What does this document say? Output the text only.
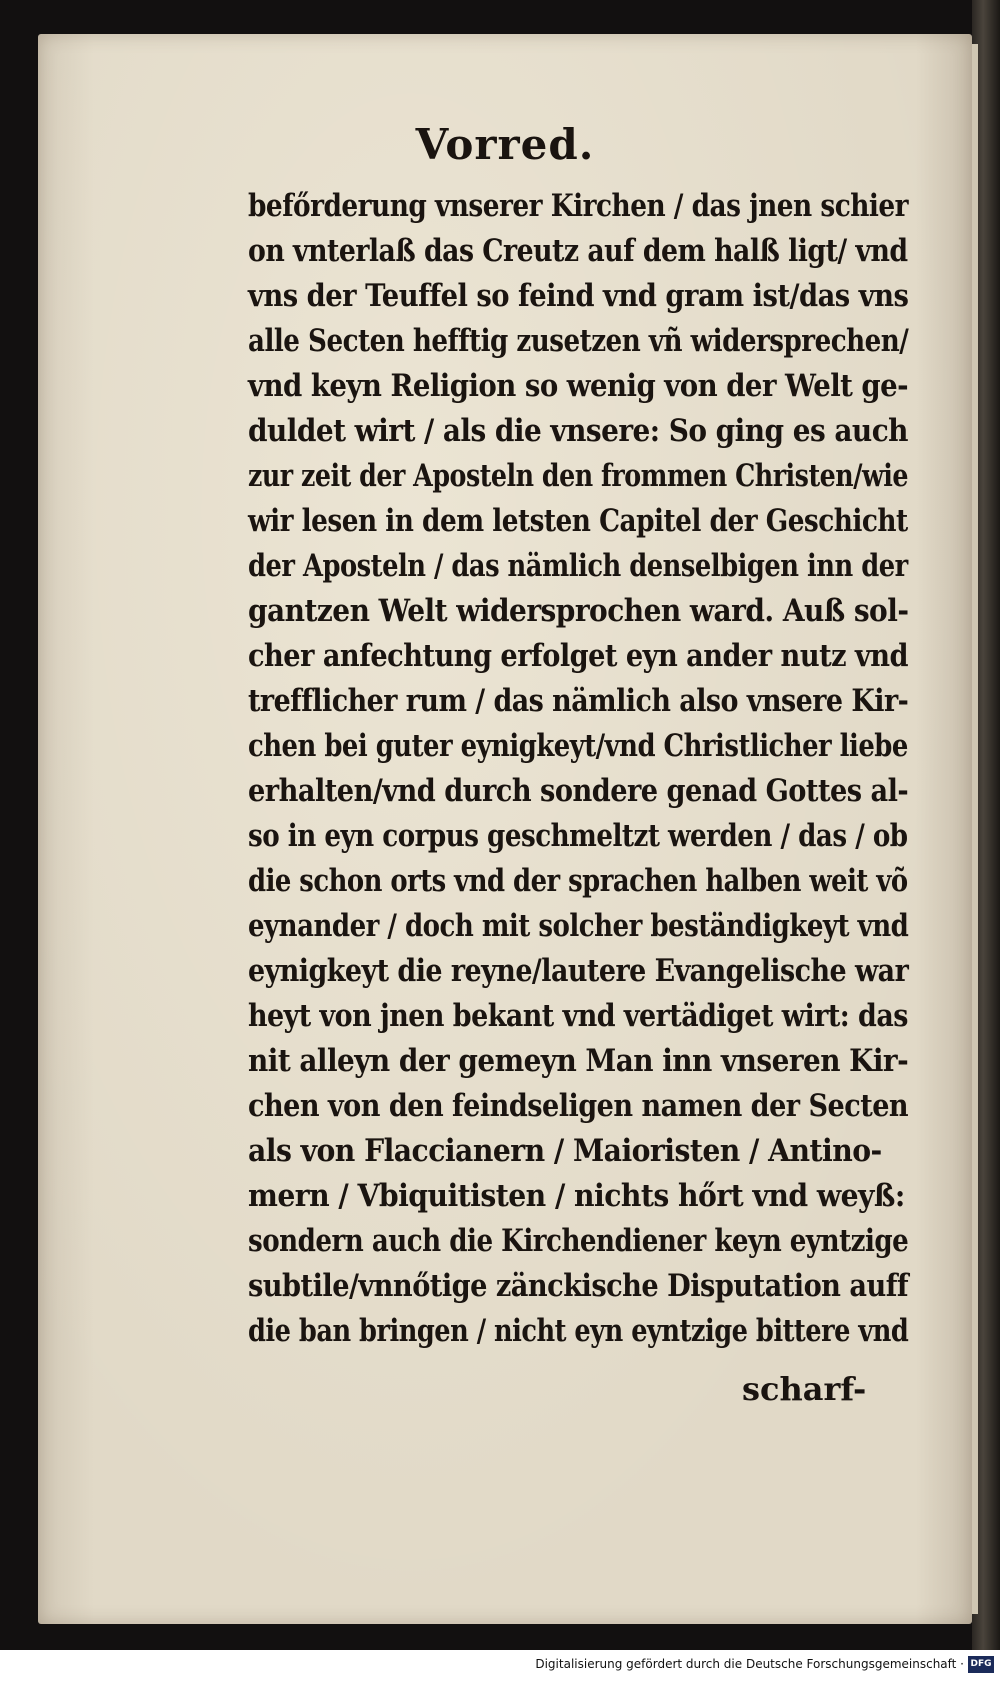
Vorred.
befőrderung vnserer Kirchen / das jnen schier
on vnterlaß das Creutz auf dem halß ligt/ vnd
vns der Teuffel so feind vnd gram ist/das vns
alle Secten hefftig zusetzen vñ widersprechen/
vnd keyn Religion so wenig von der Welt ge-
duldet wirt / als die vnsere: So ging es auch
zur zeit der Aposteln den frommen Christen/wie
wir lesen in dem letsten Capitel der Geschicht
der Aposteln / das nämlich denselbigen inn der
gantzen Welt widersprochen ward. Auß sol-
cher anfechtung erfolget eyn ander nutz vnd
trefflicher rum / das nämlich also vnsere Kir-
chen bei guter eynigkeyt/vnd Christlicher liebe
erhalten/vnd durch sondere genad Gottes al-
so in eyn corpus geschmeltzt werden / das / ob
die schon orts vnd der sprachen halben weit võ
eynander / doch mit solcher beständigkeyt vnd
eynigkeyt die reyne/lautere Evangelische war
heyt von jnen bekant vnd vertädiget wirt: das
nit alleyn der gemeyn Man inn vnseren Kir-
chen von den feindseligen namen der Secten
als von Flaccianern / Maioristen / Antino-
mern / Vbiquitisten / nichts hőrt vnd weyß:
sondern auch die Kirchendiener keyn eyntzige
subtile/vnnőtige zänckische Disputation auff
die ban bringen / nicht eyn eyntzige bittere vnd
scharf-
Digitalisierung gefördert durch die Deutsche Forschungsgemeinschaft · DFG
